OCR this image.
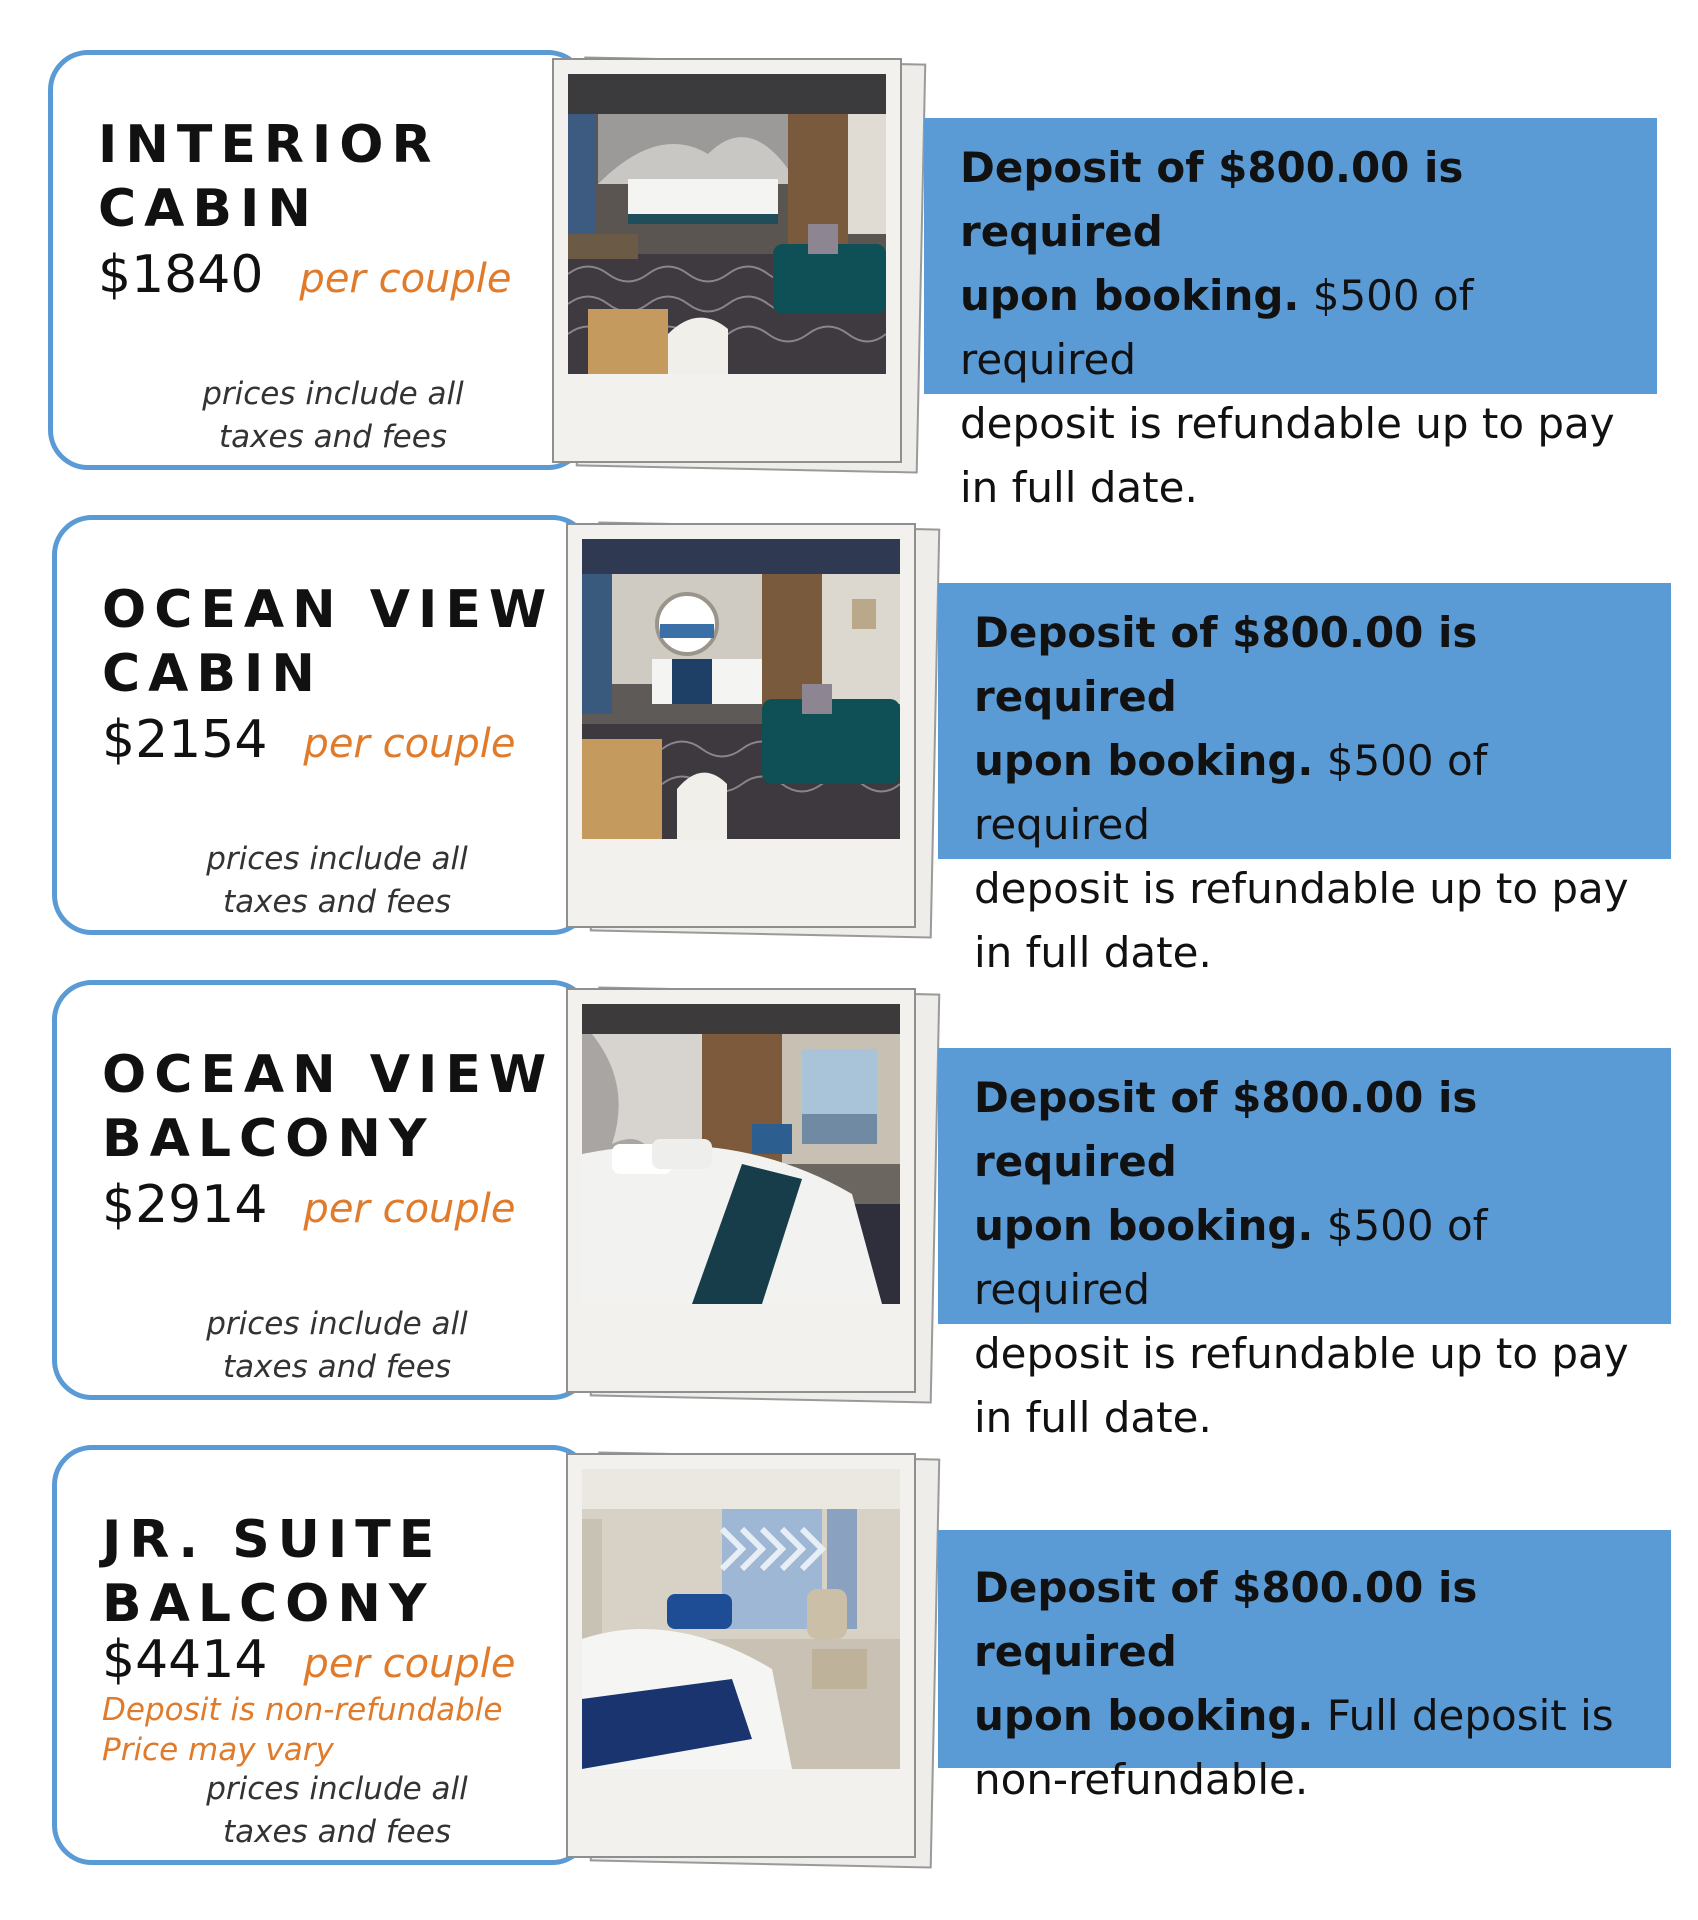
INTERIOR
CABIN
$1840 per couple
prices include all
taxes and fees

Deposit of $800.00 is required
upon booking. $500 of required
deposit is refundable up to pay
in full date.

OCEAN VIEW
CABIN
$2154 per couple
prices include all
taxes and fees

Deposit of $800.00 is required
upon booking. $500 of required
deposit is refundable up to pay
in full date.

OCEAN VIEW
BALCONY
$2914 per couple
prices include all
taxes and fees

Deposit of $800.00 is required
upon booking. $500 of required
deposit is refundable up to pay
in full date.

JR. SUITE
BALCONY
$4414 per couple
Deposit is non-refundable
Price may vary
prices include all
taxes and fees

Deposit of $800.00 is required
upon booking. Full deposit is
non-refundable.
